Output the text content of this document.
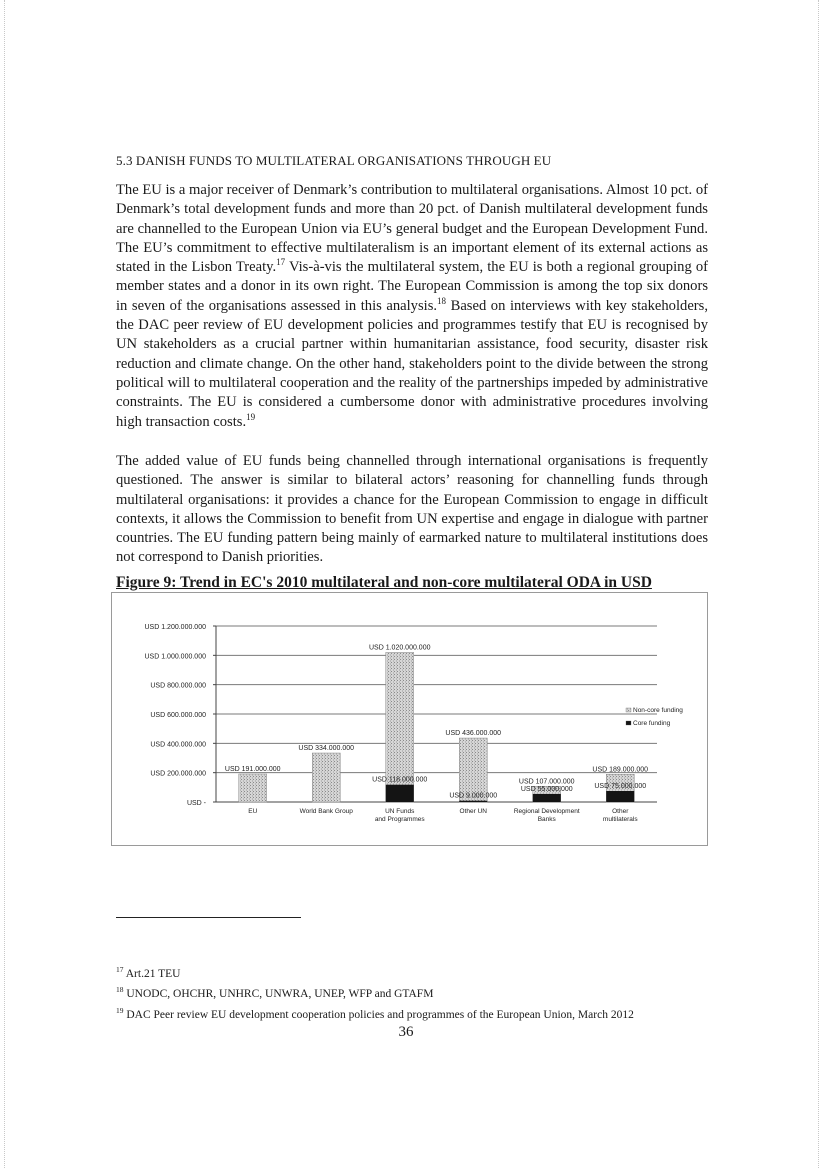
5.3 DANISH FUNDS TO MULTILATERAL ORGANISATIONS THROUGH EU

The EU is a major receiver of Denmark’s contribution to multilateral organisations. Almost 10 pct. of Denmark’s total development funds and more than 20 pct. of Danish multilateral development funds are channelled to the European Union via EU’s general budget and the European Development Fund. The EU’s commitment to effective multilateralism is an important element of its external actions as stated in the Lisbon Treaty.$^{17}$ Vis-à-vis the multilateral system, the EU is both a regional grouping of member states and a donor in its own right. The European Commission is among the top six donors in seven of the organisations assessed in this analysis.$^{18}$ Based on interviews with key stakeholders, the DAC peer review of EU development policies and programmes testify that EU is recognised by UN stakeholders as a crucial partner within humanitarian assistance, food security, disaster risk reduction and climate change. On the other hand, stakeholders point to the divide between the strong political will to multilateral cooperation and the reality of the partnerships impeded by administrative constraints. The EU is considered a cumbersome donor with administrative procedures involving high transaction costs.$^{19}$

The added value of EU funds being channelled through international organisations is frequently questioned. The answer is similar to bilateral actors’ reasoning for channelling funds through multilateral organisations: it provides a chance for the European Commission to engage in difficult contexts, it allows the Commission to benefit from UN expertise and engage in dialogue with partner countries. The EU funding pattern being mainly of earmarked nature to multilateral institutions does not correspond to Danish priorities.

Figure 9: Trend in EC's 2010 multilateral and non-core multilateral ODA in USD

USD -
USD 200.000.000
USD 400.000.000
USD 600.000.000
USD 800.000.000
USD 1.000.000.000
USD 1.200.000.000
USD 191.000.000
USD 334.000.000
USD 1.020.000.000
USD 118.000.000
USD 436.000.000
USD 9.000.000
USD 107.000.000
USD 55.000.000
USD 189.000.000
USD 75.000.000
EU	World Bank Group	UN Funds
and Programmes
Other UN	Regional Development
Banks
Other
multilaterals
Non-core funding
Core funding
$^{17}$ Art.21 TEU
$^{18}$ UNODC, OHCHR, UNHRC, UNWRA, UNEP, WFP and GTAFM
$^{19}$ DAC Peer review EU development cooperation policies and programmes of the European Union, March 2012
36
